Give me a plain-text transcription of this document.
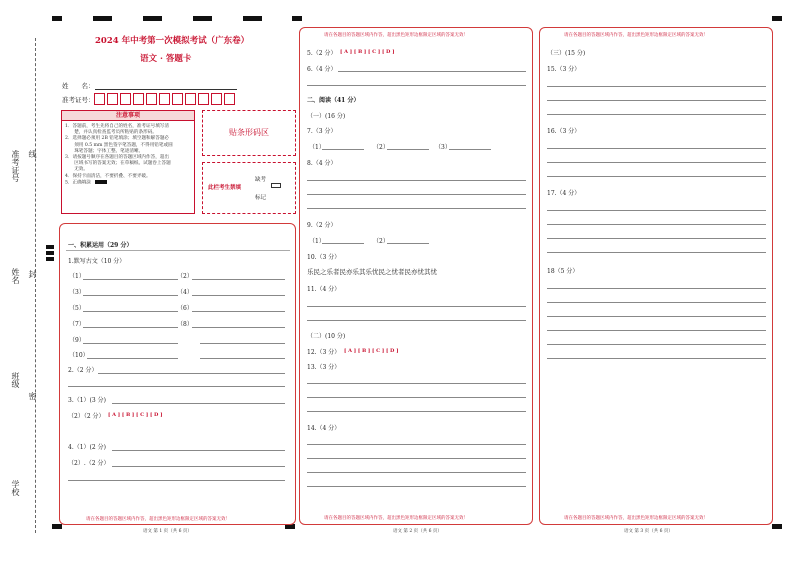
准考证号 线
姓名 封
班级
密
学校
2024 年中考第一次模拟考试（广东卷）
语文 · 答题卡
姓　　名：
准考证号：
注意事项
1．答题前，考生先将自己的姓名，准考证号填写清
　　楚，并认真检查监考员所粘贴的条形码。
2．选择题必须用 2B 铅笔填涂；填空题和解答题必
　　须用 0.5 mm 黑色签字笔答题，不得用铅笔或圆
　　珠笔答题；字体工整、笔迹清晰。
3．请按题号顺序在各题目的答题区域内作答，超出
　　区域书写的答案无效；在草稿纸、试题卷上答题
　　无效。
4．保持卡面清洁，不要折叠、不要弄破。
5．正确填涂
贴条形码区
此栏考生禁填
缺考
标记
一、积累运用（29 分）
1.默写古文（10 分）
（1）	（2）
（3）	（4）
（5）	（6）
（7）	（8）
（9）
（10）
2.（2 分）
3.（1）(3 分)
（2）（2 分） [ A ] [ B ] [ C ] [ D ]
4.（1）(2 分)
（2）.（2 分）
请在各题目的答题区域内作答，超出黑色矩形边框限定区域的答案无效！
语文 第 1 页（共 6 页）
请在各题目的答题区域内作答，超出黑色矩形边框限定区域的答案无效！
5.（2 分） [ A ] [ B ] [ C ] [ D ]
6.（4 分）
二、阅读（41 分）
（一）(16 分)
7.（3 分）
（1）	（2）	（3）
8.（4 分）
9.（2 分）
（1）	（2）
10.（3 分）
乐民之乐者民亦乐其乐忧民之忧者民亦忧其忧
11.（4 分）
（二）(10 分)
12.（3 分） [ A ] [ B ] [ C ] [ D ]
13.（3 分）
14.（4 分）
请在各题目的答题区域内作答，超出黑色矩形边框限定区域的答案无效！
语文 第 2 页（共 6 页）
请在各题目的答题区域内作答，超出黑色矩形边框限定区域的答案无效！
（三）(15 分)
15.（3 分）
16.（3 分）
17.（4 分）
18（5 分）
请在各题目的答题区域内作答，超出黑色矩形边框限定区域的答案无效！
语文 第 3 页（共 6 页）
